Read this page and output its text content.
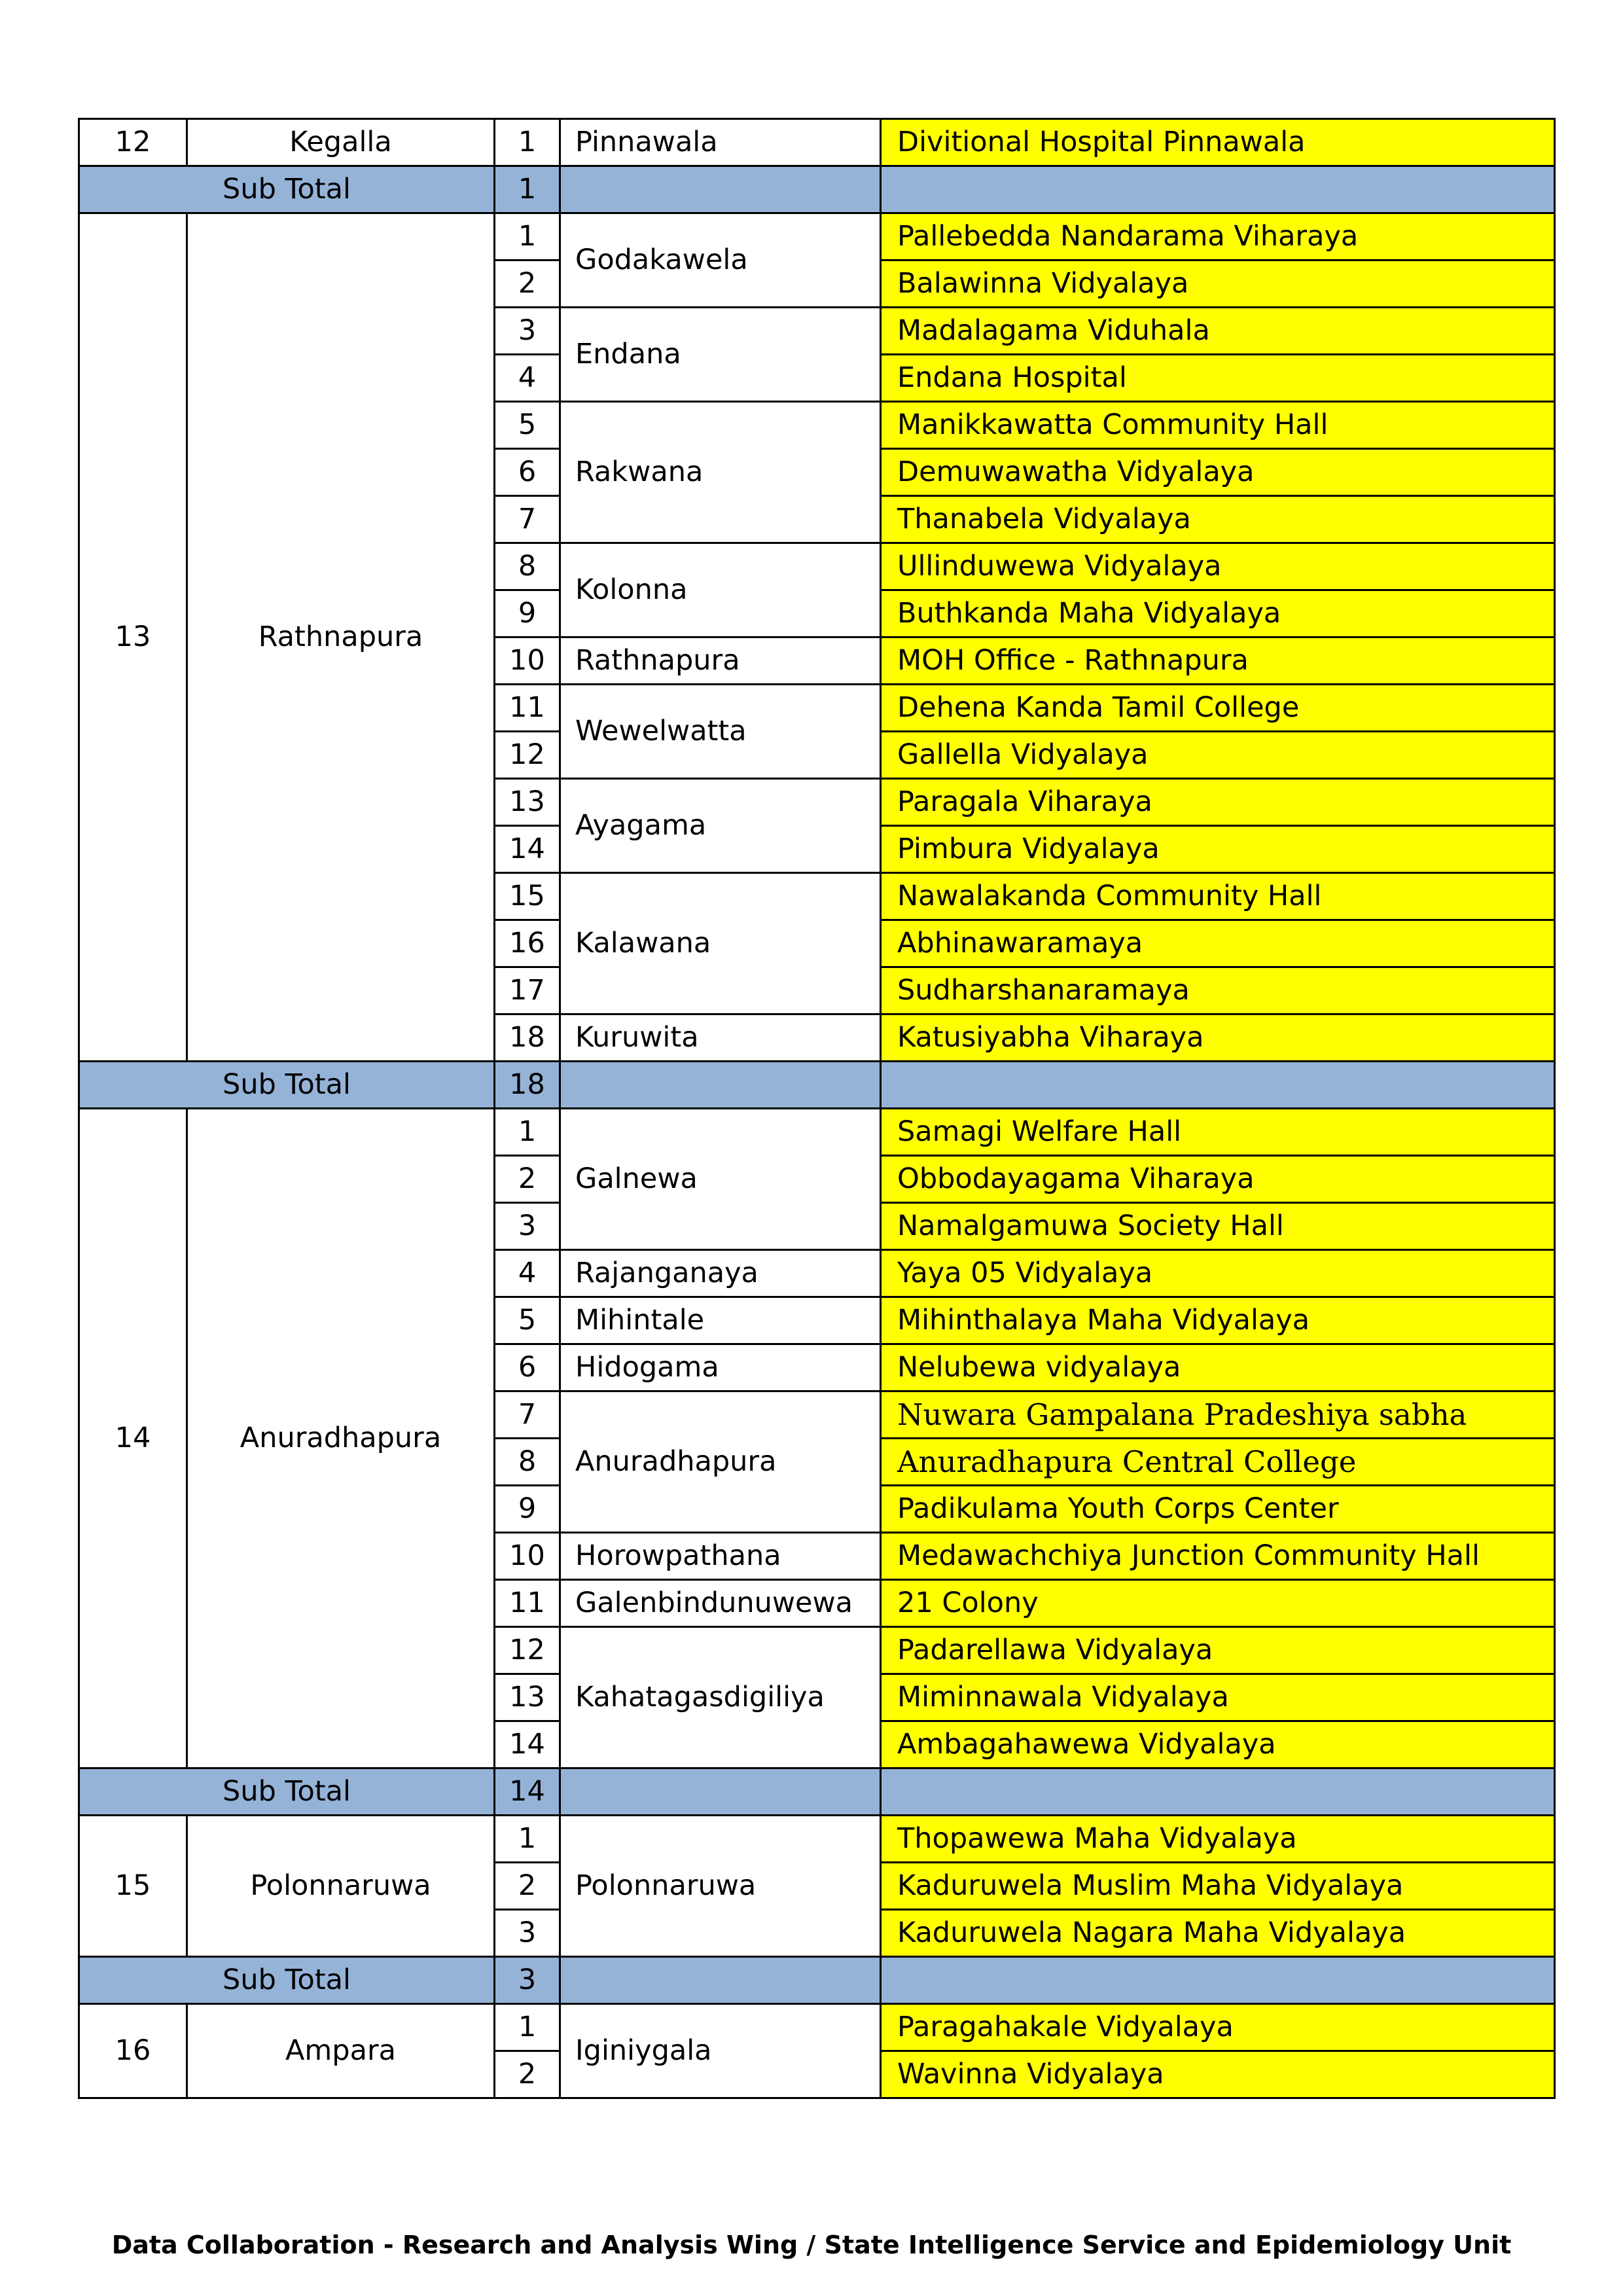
12	Kegalla	1	Pinnawala	Divitional Hospital Pinnawala
Sub Total		1		
13	Rathnapura	1	Godakawela	Pallebedda Nandarama Viharaya
		2		Balawinna Vidyalaya
		3	Endana	Madalagama Viduhala
		4		Endana Hospital
		5	Rakwana	Manikkawatta Community Hall
		6		Demuwawatha Vidyalaya
		7		Thanabela Vidyalaya
		8	Kolonna	Ullinduwewa Vidyalaya
		9		Buthkanda Maha Vidyalaya
		10	Rathnapura	MOH Office - Rathnapura
		11	Wewelwatta	Dehena Kanda Tamil College
		12		Gallella Vidyalaya
		13	Ayagama	Paragala Viharaya
		14		Pimbura Vidyalaya
		15	Kalawana	Nawalakanda Community Hall
		16		Abhinawaramaya
		17		Sudharshanaramaya
		18	Kuruwita	Katusiyabha Viharaya
Sub Total		18		
14	Anuradhapura	1	Galnewa	Samagi Welfare Hall
		2		Obbodayagama Viharaya
		3		Namalgamuwa Society Hall
		4	Rajanganaya	Yaya 05 Vidyalaya
		5	Mihintale	Mihinthalaya Maha Vidyalaya
		6	Hidogama	Nelubewa vidyalaya
		7	Anuradhapura	Nuwara Gampalana Pradeshiya sabha
		8		Anuradhapura Central College
		9		Padikulama Youth Corps Center
		10	Horowpathana	Medawachchiya Junction Community Hall
		11	Galenbindunuwewa	21 Colony
		12	Kahatagasdigiliya	Padarellawa Vidyalaya
		13		Miminnawala Vidyalaya
		14		Ambagahawewa Vidyalaya
Sub Total		14		
15	Polonnaruwa	1	Polonnaruwa	Thopawewa Maha Vidyalaya
		2		Kaduruwela Muslim Maha Vidyalaya
		3		Kaduruwela Nagara Maha Vidyalaya
Sub Total		3		
16	Ampara	1	Iginiygala	Paragahakale Vidyalaya
		2		Wavinna Vidyalaya
Data Collaboration - Research and Analysis Wing / State Intelligence Service and Epidemiology Unit
